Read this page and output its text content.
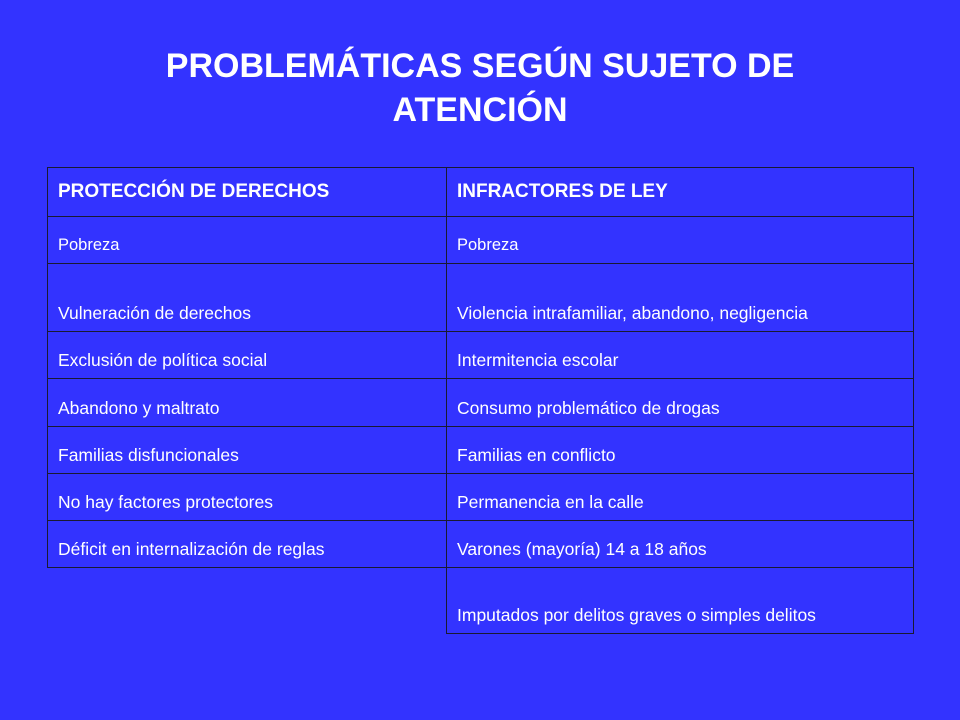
PROBLEMÁTICAS SEGÚN SUJETO DE
ATENCIÓN
PROTECCIÓN DE DERECHOS	INFRACTORES DE LEY
Pobreza	Pobreza
Vulneración de derechos	Violencia intrafamiliar, abandono, negligencia
Exclusión de política social	Intermitencia escolar
Abandono y maltrato	Consumo problemático de drogas
Familias disfuncionales	Familias en conflicto
No hay factores protectores	Permanencia en la calle
Déficit en internalización de reglas	Varones (mayoría) 14 a 18 años
	Imputados por delitos graves o simples delitos
